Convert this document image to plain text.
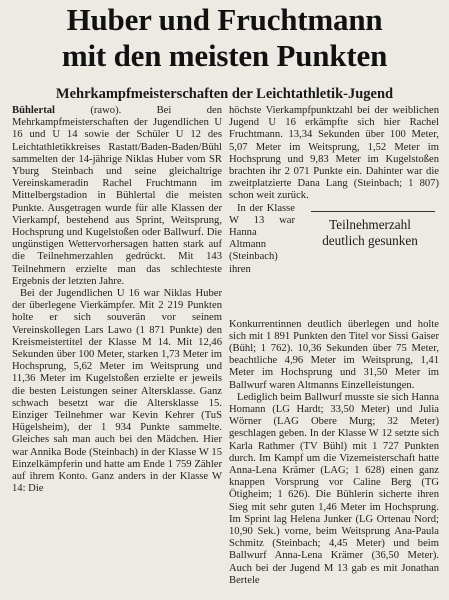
Huber und Fruchtmann
mit den meisten Punkten
Mehrkampfmeisterschaften der Leichtathletik-Jugend

Bühlertal	(rawo). Bei den Mehrkampfmeisterschaften der Jugendlichen U 16 und U 14 sowie der Schüler U 12 des Leichtathletikkreises Rastatt/Baden-Baden/Bühl sammelten der 14-jährige Niklas Huber vom SR Yburg Steinbach und seine gleichaltrige Vereinskameradin Rachel Fruchtmann im Mittelbergstadion in Bühlertal die meisten Punkte. Ausgetragen wurde für alle Klassen der Vierkampf, bestehend aus Sprint, Weitsprung, Hochsprung und Kugelstoßen oder Ballwurf. Die ungünstigen Wettervorhersagen hatten stark auf die Teilnehmerzahlen gedrückt. Mit 143 Teilnehmern erzielte man das schlechteste Ergebnis der letzten Jahre.

Bei der Jugendlichen U 16 war Niklas Huber der überlegene Vierkämpfer. Mit 2 219 Punkten holte er sich souverän vor seinem Vereinskollegen Lars Lawo (1 871 Punkte) den Kreismeistertitel der Klasse M 14. Mit 12,46 Sekunden über 100 Meter, starken 1,73 Meter im Hochsprung, 5,62 Meter im Weitsprung und 11,36 Meter im Kugelstoßen erzielte er jeweils die besten Leistungen seiner Altersklasse. Ganz schwach besetzt war die Altersklasse 15. Einziger Teilnehmer war Kevin Kehrer (TuS Hügelsheim), der 1 934 Punkte sammelte. Gleiches sah man auch bei den Mädchen. Hier war Annika Bode (Steinbach) in der Klasse W 15 Einzelkämpferin und hatte am Ende 1 759 Zähler auf ihrem Konto. Ganz anders in der Klasse W 14: Die

höchste Vierkampfpunktzahl bei der weiblichen Jugend U 16 erkämpfte sich hier Rachel Fruchtmann. 13,34 Sekunden über 100 Meter, 5,07 Meter im Weitsprung, 1,52 Meter im Hochsprung und 9,83 Meter im Kugelstoßen brachten ihr 2 071 Punkte ein. Dahinter war die zweitplatzierte Dana Lang (Steinbach; 1 807) schon weit zurück.

Teilnehmerzahl
deutlich gesunken

In der Klasse W 13 war Hanna Altmann (Steinbach) ihren Konkurrentinnen deutlich überlegen und holte sich mit 1 891 Punkten den Titel vor Sissi Gaiser (Bühl; 1 762). 10,36 Sekunden über 75 Meter, beachtliche 4,96 Meter im Weitsprung, 1,41 Meter im Hochsprung und 31,50 Meter im Ballwurf waren Altmanns Einzelleistungen.

Lediglich beim Ballwurf musste sie sich Hanna Homann (LG Hardt; 33,50 Meter) und Julia Wörner (LAG Obere Murg; 32 Meter) geschlagen geben. In der Klasse W 12 setzte sich Karla Rathmer (TV Bühl) mit 1 727 Punkten durch. Im Kampf um die Vizemeisterschaft hatte Anna-Lena Krämer (LAG; 1 628) einen ganz knappen Vorsprung vor Caline Berg (TG Ötigheim; 1 626). Die Bühlerin sicherte ihren Sieg mit sehr guten 1,46 Meter im Hochsprung. Im Sprint lag Helena Junker (LG Ortenau Nord; 10,90 Sek.) vorne, beim Weitsprung Ana-Paula Schmitz (Steinbach; 4,45 Meter) und beim Ballwurf Anna-Lena Krämer (36,50 Meter). Auch bei der Jugend M 13 gab es mit Jonathan Bertele
